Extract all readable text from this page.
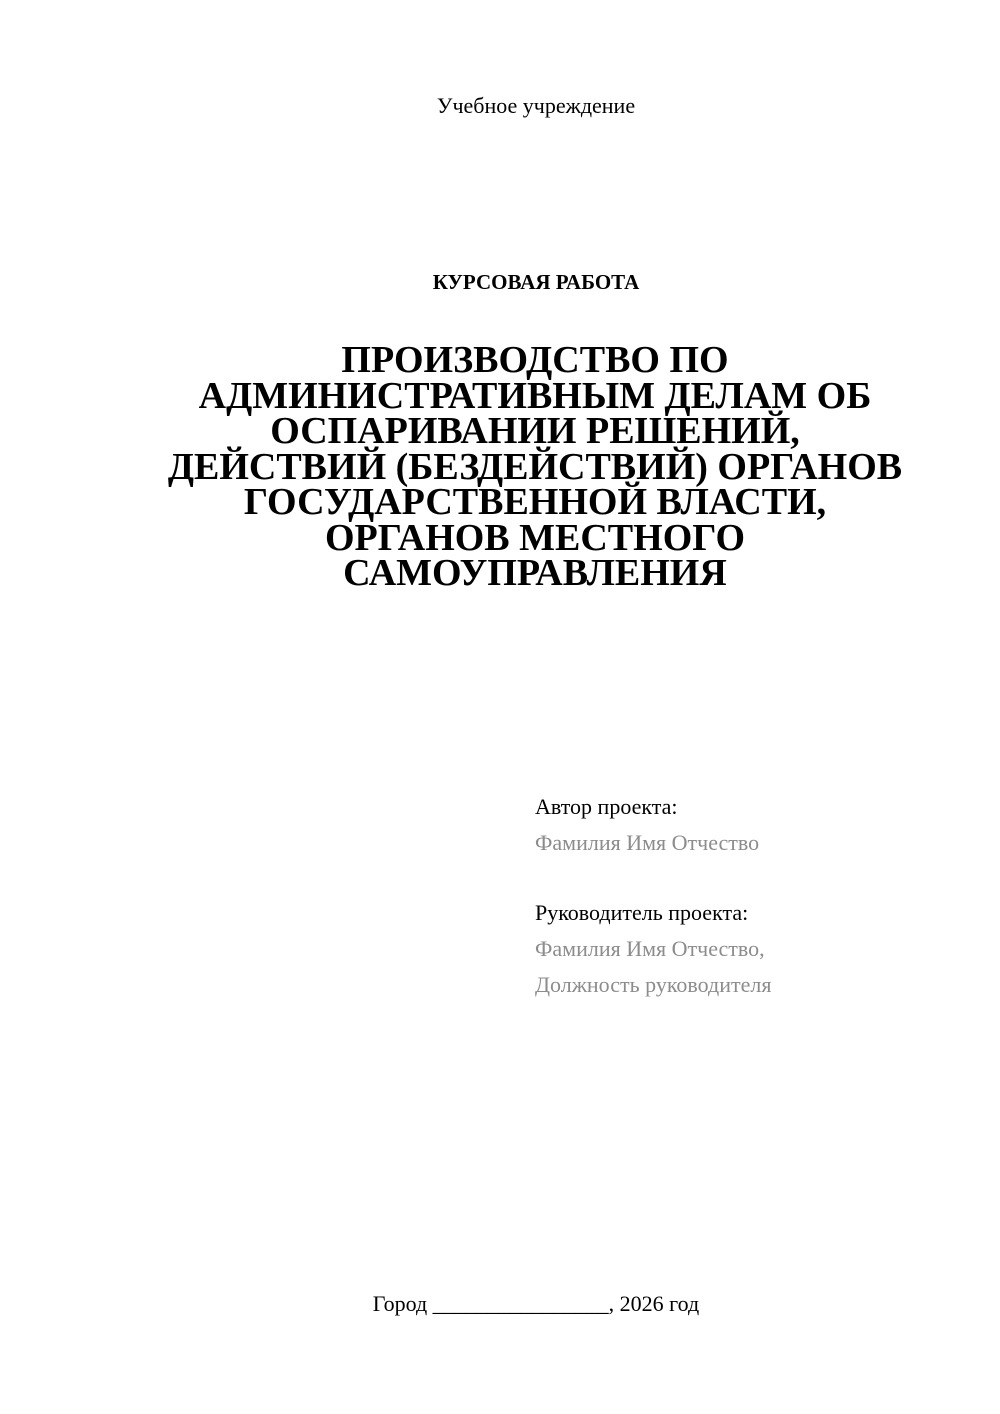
Учебное учреждение
КУРСОВАЯ РАБОТА
ПРОИЗВОДСТВО ПО
АДМИНИСТРАТИВНЫМ ДЕЛАМ ОБ
ОСПАРИВАНИИ РЕШЕНИЙ,
ДЕЙСТВИЙ (БЕЗДЕЙСТВИЙ) ОРГАНОВ
ГОСУДАРСТВЕННОЙ ВЛАСТИ,
ОРГАНОВ МЕСТНОГО
САМОУПРАВЛЕНИЯ
Автор проекта:
Фамилия Имя Отчество
Руководитель проекта:
Фамилия Имя Отчество,
Должность руководителя
Город ________________, 2026 год
